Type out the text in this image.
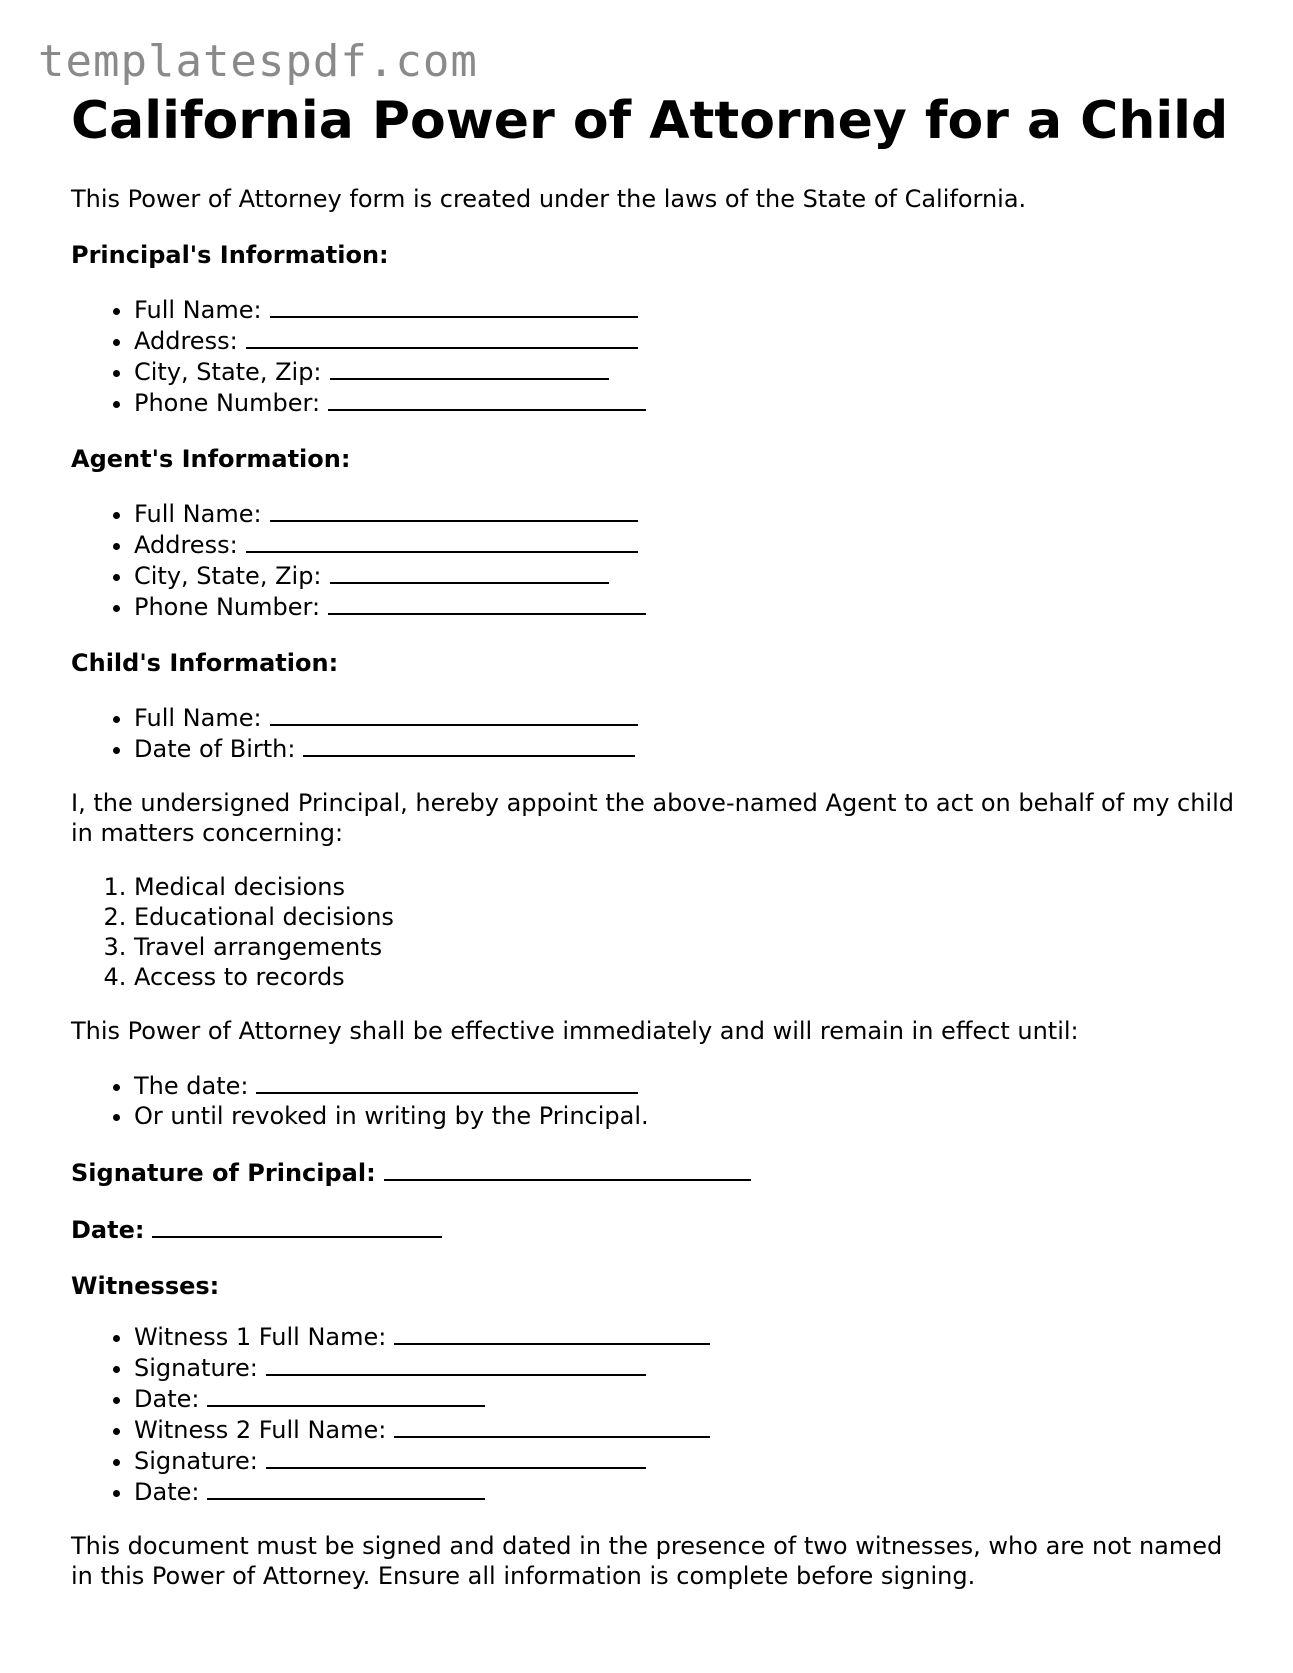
templatespdf.com
California Power of Attorney for a Child

This Power of Attorney form is created under the laws of the State of California.

Principal's Information:
• Full Name:
• Address:
• City, State, Zip:
• Phone Number:
Agent's Information:
• Full Name:
• Address:
• City, State, Zip:
• Phone Number:
Child's Information:
• Full Name:
• Date of Birth:

I, the undersigned Principal, hereby appoint the above-named Agent to act on behalf of my child in matters concerning:

1. Medical decisions
2. Educational decisions
3. Travel arrangements
4. Access to records

This Power of Attorney shall be effective immediately and will remain in effect until:

• The date:
• Or until revoked in writing by the Principal.
Signature of Principal:
Date:
Witnesses:
• Witness 1 Full Name:
• Signature:
• Date:
• Witness 2 Full Name:
• Signature:
• Date:

This document must be signed and dated in the presence of two witnesses, who are not named in this Power of Attorney. Ensure all information is complete before signing.
